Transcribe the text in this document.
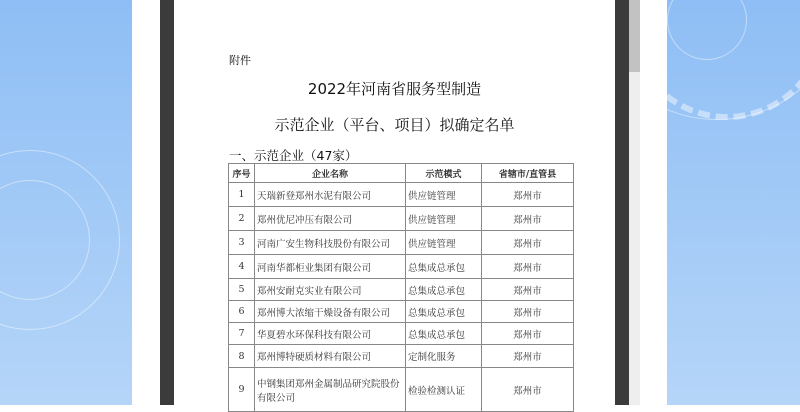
附件
2022年河南省服务型制造
示范企业（平台、项目）拟确定名单
一、示范企业（47家）
序号	企业名称	示范模式	省辖市/直管县
1	天瑞新登郑州水泥有限公司	供应链管理	郑州市
2	郑州优尼冲压有限公司	供应链管理	郑州市
3	河南广安生物科技股份有限公司	供应链管理	郑州市
4	河南华都柜业集团有限公司	总集成总承包	郑州市
5	郑州安耐克实业有限公司	总集成总承包	郑州市
6	郑州博大浓缩干燥设备有限公司	总集成总承包	郑州市
7	华夏碧水环保科技有限公司	总集成总承包	郑州市
8	郑州博特硬质材料有限公司	定制化服务	郑州市
9	中钢集团郑州金属制品研究院股份有限公司	检验检测认证	郑州市
